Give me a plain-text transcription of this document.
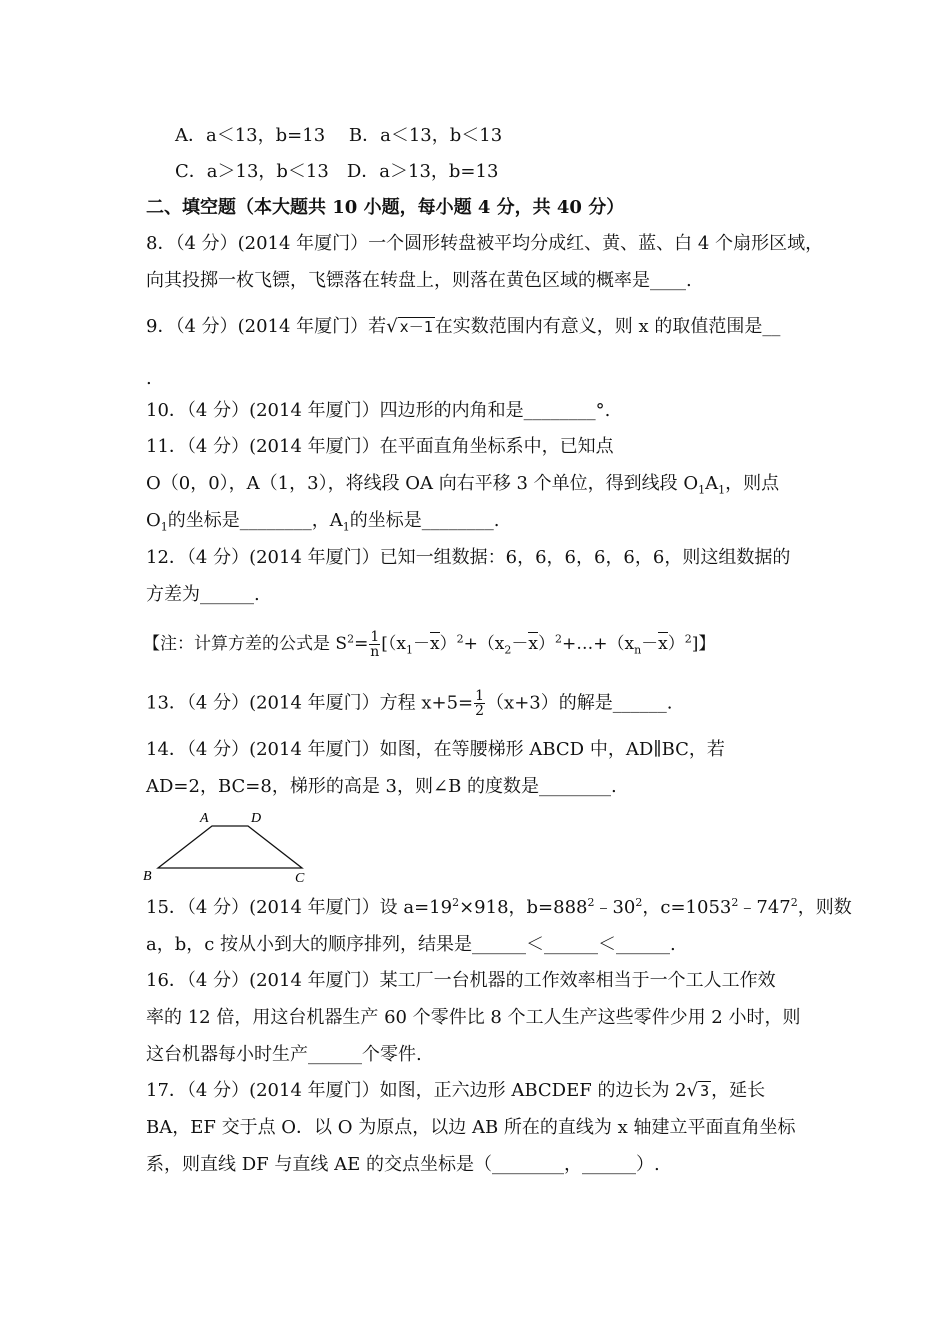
A．a＜13，b=13　 B．a＜13，b＜13
C．a＞13，b＜13　D．a＞13，b=13
二、填空题（本大题共 10 小题，每小题 4 分，共 40 分）
8．（4 分）(2014 年厦门）一个圆形转盘被平均分成红、黄、蓝、白 4 个扇形区域，
向其投掷一枚飞镖，飞镖落在转盘上，则落在黄色区域的概率是____.
9．（4 分）(2014 年厦门）若√ x－1 在实数范围内有意义，则 x 的取值范围是__
.
10．（4 分）(2014 年厦门）四边形的内角和是________°.
11．（4 分）(2014 年厦门）在平面直角坐标系中，已知点
O（0，0），A（1，3），将线段 OA 向右平移 3 个单位，得到线段 $O_1A_1$，则点
$O_1$的坐标是________，$A_1$的坐标是________.
12．（4 分）(2014 年厦门）已知一组数据：6，6，6，6，6，6，则这组数据的
方差为______.
【注：计算方差的公式是 $S^2= \frac{1}{n}$ $[(x_1-x)^2+(x_2-x)^2+\dots+(x_n-x)^2]$】
13．（4 分）(2014 年厦门）方程 $x+5= \frac{1}{2} (x+3)$的解是______.
14．（4 分）(2014 年厦门）如图，在等腰梯形 ABCD 中，AD∥BC，若
AD=2，BC=8，梯形的高是 3，则∠B 的度数是________.
A	D
B	C
15．（4 分）(2014 年厦门）设 $a=19^2\times 918$，$b=888^2﹣30^2$，$c=1053^2﹣747^2$，则数
a，b，c 按从小到大的顺序排列，结果是______＜______＜______.
16．（4 分）(2014 年厦门）某工厂一台机器的工作效率相当于一个工人工作效
率的 12 倍，用这台机器生产 60 个零件比 8 个工人生产这些零件少用 2 小时，则
这台机器每小时生产______个零件.
17．（4 分）(2014 年厦门）如图，正六边形 ABCDEF 的边长为 2√ 3 ，延长
BA，EF 交于点 O．以 O 为原点，以边 AB 所在的直线为 x 轴建立平面直角坐标
系，则直线 DF 与直线 AE 的交点坐标是（________，______）.
